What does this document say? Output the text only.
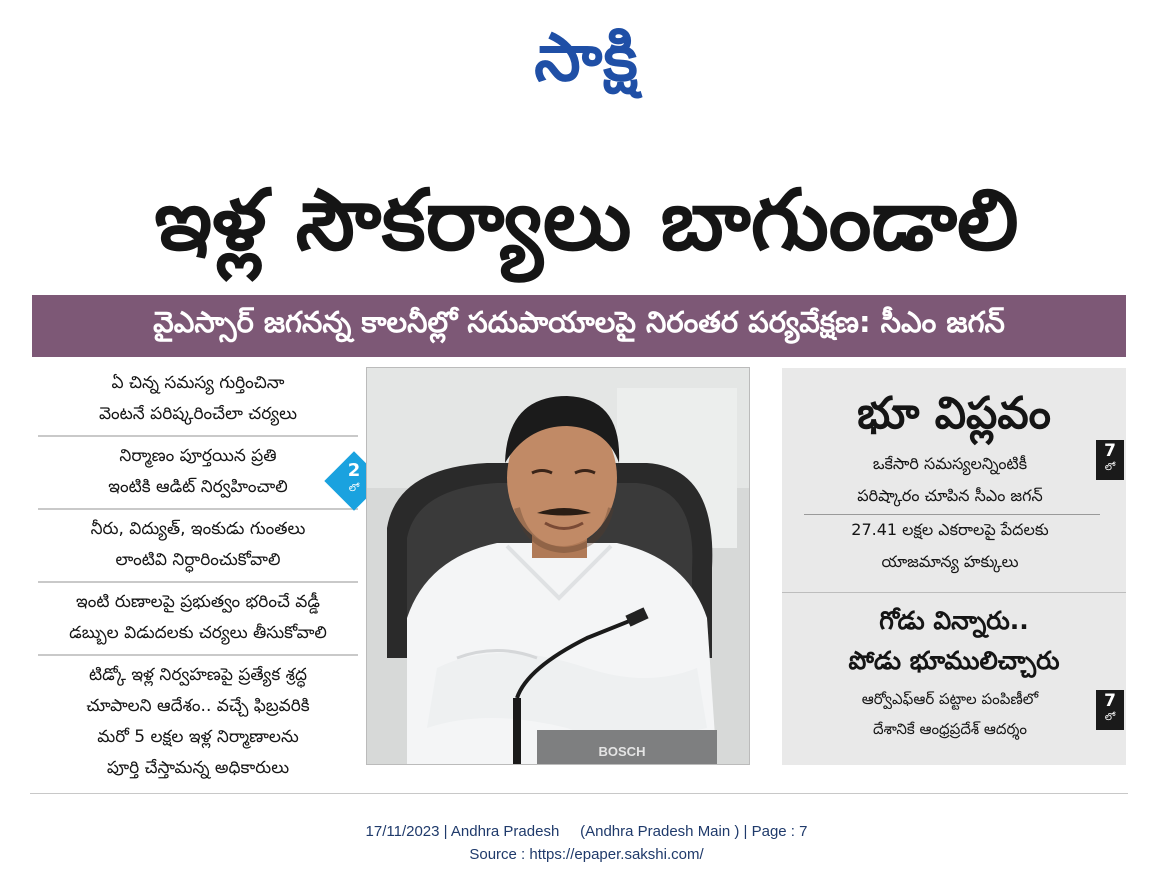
సాక్షి
ఇళ్ల సౌకర్యాలు బాగుండాలి
వైఎస్సార్ జగనన్న కాలనీల్లో సదుపాయాలపై నిరంతర పర్యవేక్షణ: సీఎం జగన్
ఏ చిన్న సమస్య గుర్తించినా
వెంటనే పరిష్కరించేలా చర్యలు
నిర్మాణం పూర్తయిన ప్రతి
ఇంటికి ఆడిట్ నిర్వహించాలి
నీరు, విద్యుత్, ఇంకుడు గుంతలు
లాంటివి నిర్ధారించుకోవాలి
ఇంటి రుణాలపై ప్రభుత్వం భరించే వడ్డీ
డబ్బుల విడుదలకు చర్యలు తీసుకోవాలి
టిడ్కో ఇళ్ల నిర్వహణపై ప్రత్యేక శ్రద్ధ
చూపాలని ఆదేశం.. వచ్చే ఫిబ్రవరికి
మరో 5 లక్షల ఇళ్ల నిర్మాణాలను
పూర్తి చేస్తామన్న అధికారులు
2
లో
BOSCH
భూ విప్లవం
ఒకేసారి సమస్యలన్నింటికీ
పరిష్కారం చూపిన సీఎం జగన్
27.41 లక్షల ఎకరాలపై పేదలకు
యాజమాన్య హక్కులు
7
లో
గోడు విన్నారు..
పోడు భూములిచ్చారు
ఆర్వోఎఫ్ఆర్ పట్టాల పంపిణీలో
దేశానికే ఆంధ్రప్రదేశ్ ఆదర్శం
7
లో
17/11/2023 | Andhra Pradesh     (Andhra Pradesh Main ) | Page : 7
Source : https://epaper.sakshi.com/
